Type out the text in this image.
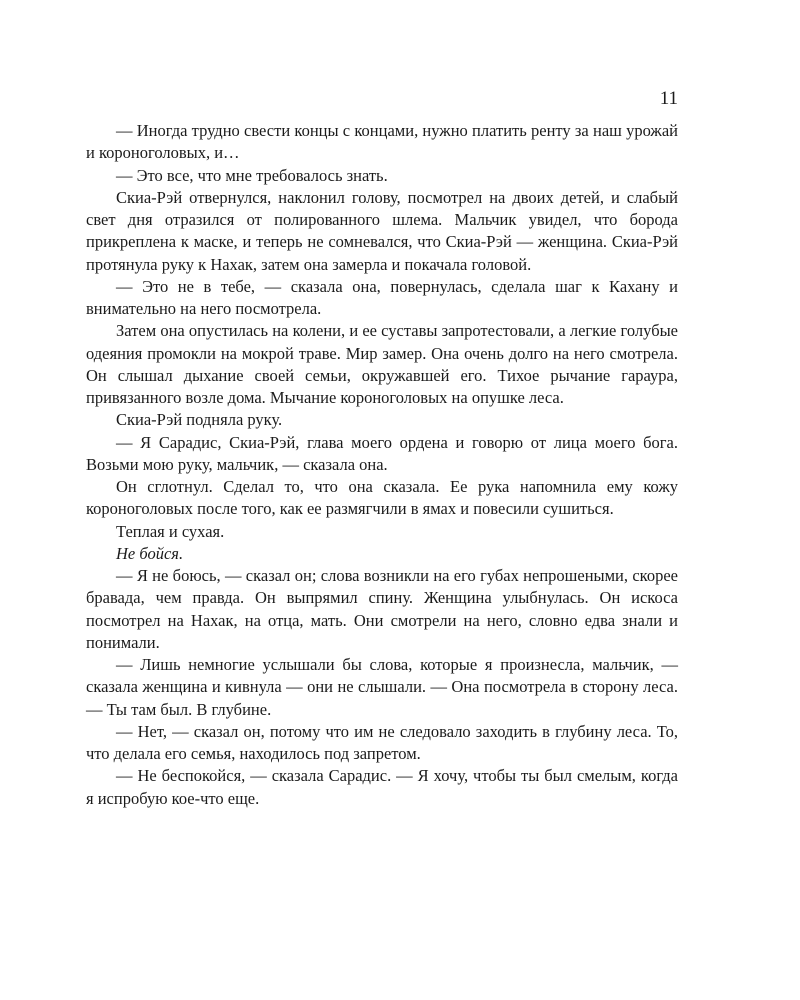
11

— Иногда трудно свести концы с концами, нужно платить ренту за наш урожай и короноголовых, и…

— Это все, что мне требовалось знать.

Скиа-Рэй отвернулся, наклонил голову, посмотрел на двоих детей, и слабый свет дня отразился от полированного шлема. Мальчик увидел, что борода прикреплена к маске, и теперь не сомневался, что Скиа-Рэй — женщина. Скиа-Рэй протянула руку к Нахак, затем она замерла и покачала головой.

— Это не в тебе, — сказала она, повернулась, сделала шаг к Кахану и внимательно на него посмотрела.

Затем она опустилась на колени, и ее суставы запротестовали, а легкие голубые одеяния промокли на мокрой траве. Мир замер. Она очень долго на него смотрела. Он слышал дыхание своей семьи, окружавшей его. Тихое рычание гараура, привязанного возле дома. Мычание короноголовых на опушке леса.

Скиа-Рэй подняла руку.

— Я Сарадис, Скиа-Рэй, глава моего ордена и говорю от лица моего бога. Возьми мою руку, мальчик, — сказала она.

Он сглотнул. Сделал то, что она сказала. Ее рука напомнила ему кожу короноголовых после того, как ее размягчили в ямах и повесили сушиться.

Теплая и сухая.

Не бойся.

— Я не боюсь, — сказал он; слова возникли на его губах непрошеными, скорее бравада, чем правда. Он выпрямил спину. Женщина улыбнулась. Он искоса посмотрел на Нахак, на отца, мать. Они смотрели на него, словно едва знали и понимали.

— Лишь немногие услышали бы слова, которые я произнесла, мальчик, — сказала женщина и кивнула — они не слышали. — Она посмотрела в сторону леса. — Ты там был. В глубине.

— Нет, — сказал он, потому что им не следовало заходить в глубину леса. То, что делала его семья, находилось под запретом.

— Не беспокойся, — сказала Сарадис. — Я хочу, чтобы ты был смелым, когда я испробую кое-что еще.
